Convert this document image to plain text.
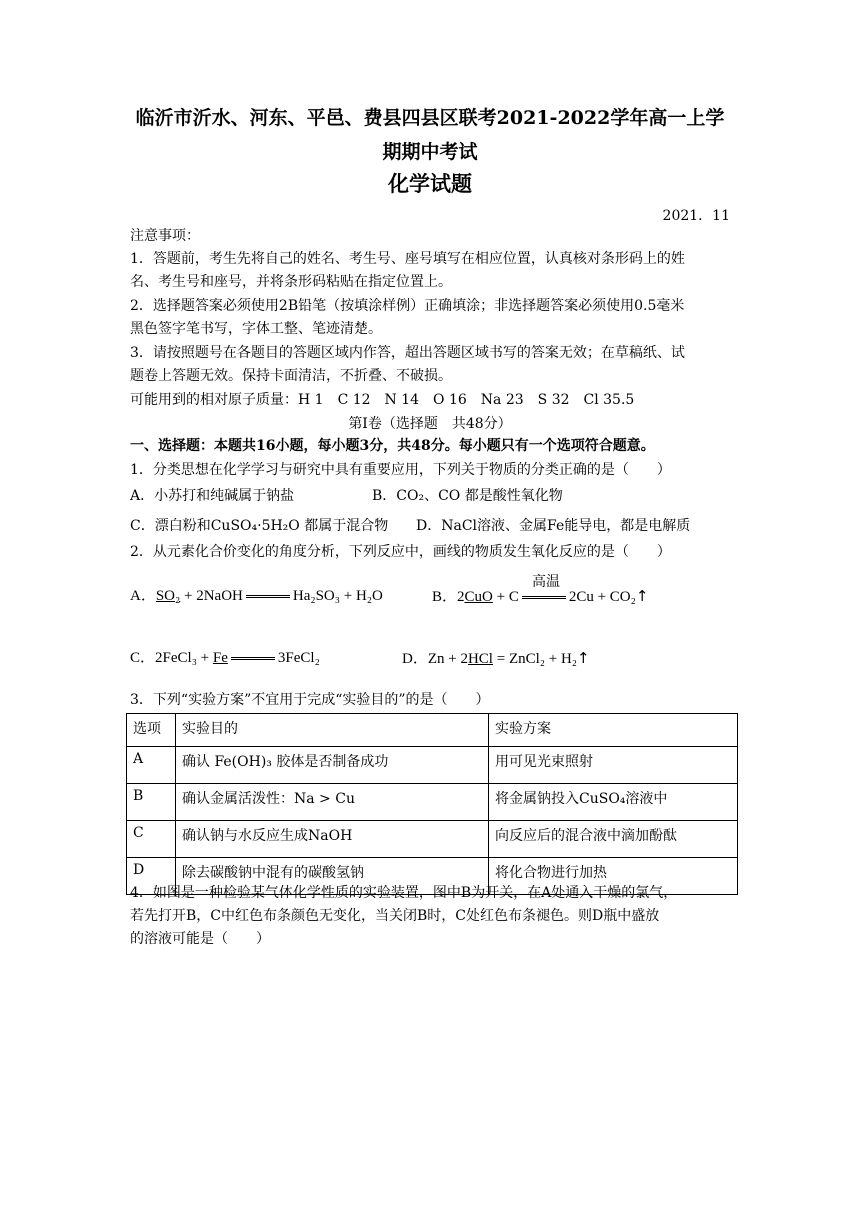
临沂市沂水、河东、平邑、费县四县区联考2021-2022学年高一上学
期期中考试
化学试题
2021．11
注意事项：
1．答题前，考生先将自己的姓名、考生号、座号填写在相应位置，认真核对条形码上的姓
名、考生号和座号，并将条形码粘贴在指定位置上。
2．选择题答案必须使用2B铅笔（按填涂样例）正确填涂；非选择题答案必须使用0.5毫米
黑色签字笔书写，字体工整、笔迹清楚。
3．请按照题号在各题目的答题区域内作答，超出答题区域书写的答案无效；在草稿纸、试
题卷上答题无效。保持卡面清洁，不折叠、不破损。
可能用到的相对原子质量：H 1　C 12　N 14　O 16　Na 23　S 32　Cl 35.5
第Ⅰ卷（选择题　共48分）
一、选择题：本题共16小题，每小题3分，共48分。每小题只有一个选项符合题意。
1．分类思想在化学学习与研究中具有重要应用，下列关于物质的分类正确的是（　　）
A．小苏打和纯碱属于钠盐	B．CO₂、CO 都是酸性氧化物
C．漂白粉和CuSO₄·5H₂O 都属于混合物 D．NaCl溶液、金属Fe能导电，都是电解质
2．从元素化合价变化的角度分析，下列反应中，画线的物质发生氧化反应的是（　　）
高温
A．SO₂ + 2NaOH	Ha₂SO₃ + H₂O	B．2CuO + C	2Cu + CO₂↑
C．2FeCl₃ + Fe	3FeCl₂	D．Zn + 2HCl = ZnCl₂ + H₂↑
3．下列“实验方案”不宜用于完成“实验目的”的是（　　）
选项	实验目的	实验方案
A	确认 Fe(OH)₃ 胶体是否制备成功	用可见光束照射
B	确认金属活泼性：Na > Cu	将金属钠投入CuSO₄溶液中
C	确认钠与水反应生成NaOH	向反应后的混合液中滴加酚酞
D	除去碳酸钠中混有的碳酸氢钠	将化合物进行加热
4．如图是一种检验某气体化学性质的实验装置，图中B为开关，在A处通入干燥的氯气，
若先打开B，C中红色布条颜色无变化，当关闭B时，C处红色布条褪色。则D瓶中盛放
的溶液可能是（　　）
